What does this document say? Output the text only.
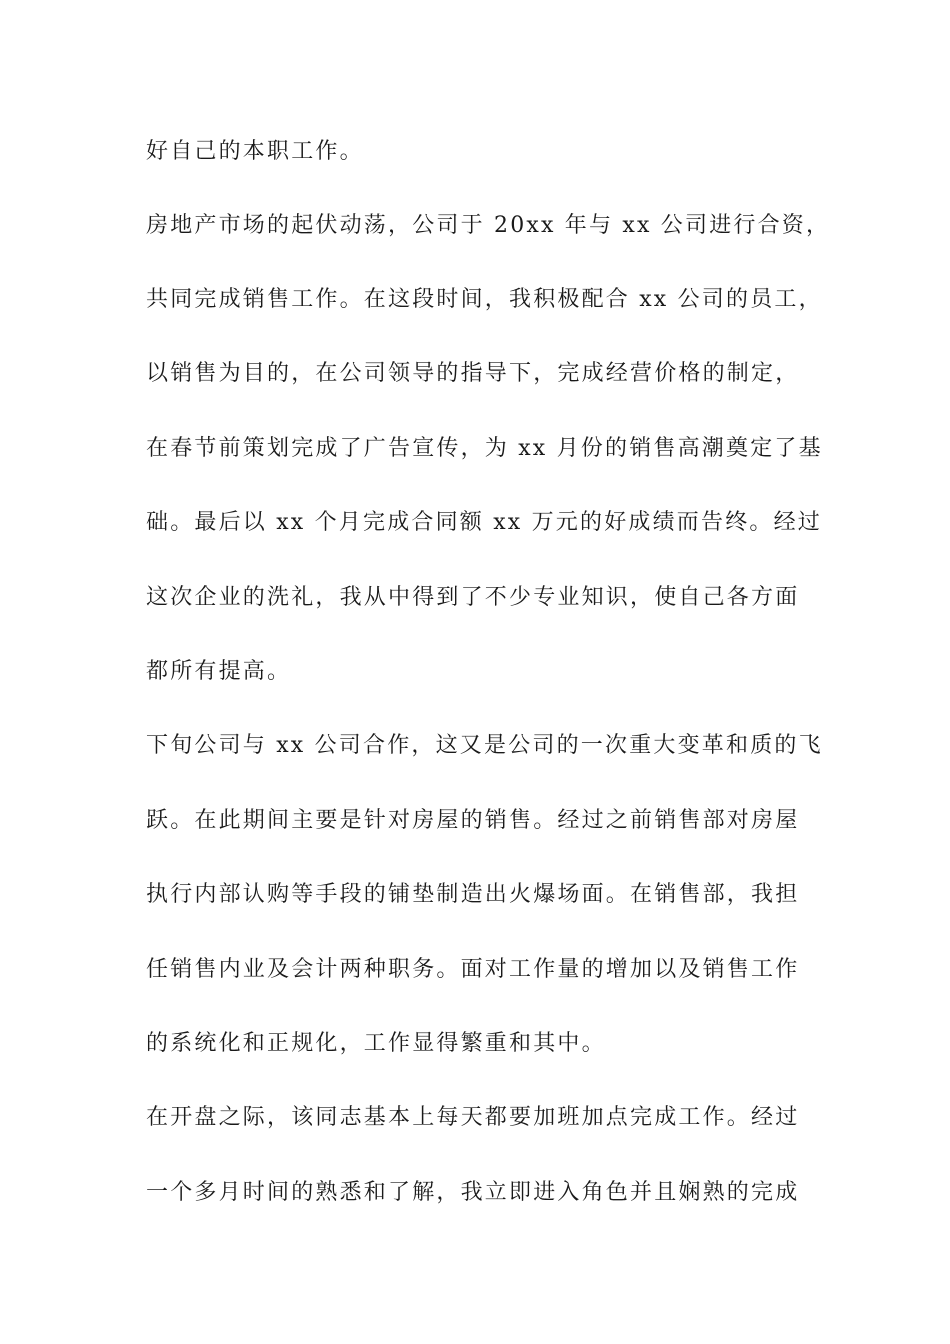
好自己的本职工作。
房地产市场的起伏动荡，公司于 20xx 年与 xx 公司进行合资，
共同完成销售工作。在这段时间，我积极配合 xx 公司的员工，
以销售为目的，在公司领导的指导下，完成经营价格的制定，
在春节前策划完成了广告宣传，为 xx 月份的销售高潮奠定了基
础。最后以 xx 个月完成合同额 xx 万元的好成绩而告终。经过
这次企业的洗礼，我从中得到了不少专业知识，使自己各方面
都所有提高。
下旬公司与 xx 公司合作，这又是公司的一次重大变革和质的飞
跃。在此期间主要是针对房屋的销售。经过之前销售部对房屋
执行内部认购等手段的铺垫制造出火爆场面。在销售部，我担
任销售内业及会计两种职务。面对工作量的增加以及销售工作
的系统化和正规化，工作显得繁重和其中。
在开盘之际，该同志基本上每天都要加班加点完成工作。经过
一个多月时间的熟悉和了解，我立即进入角色并且娴熟的完成
